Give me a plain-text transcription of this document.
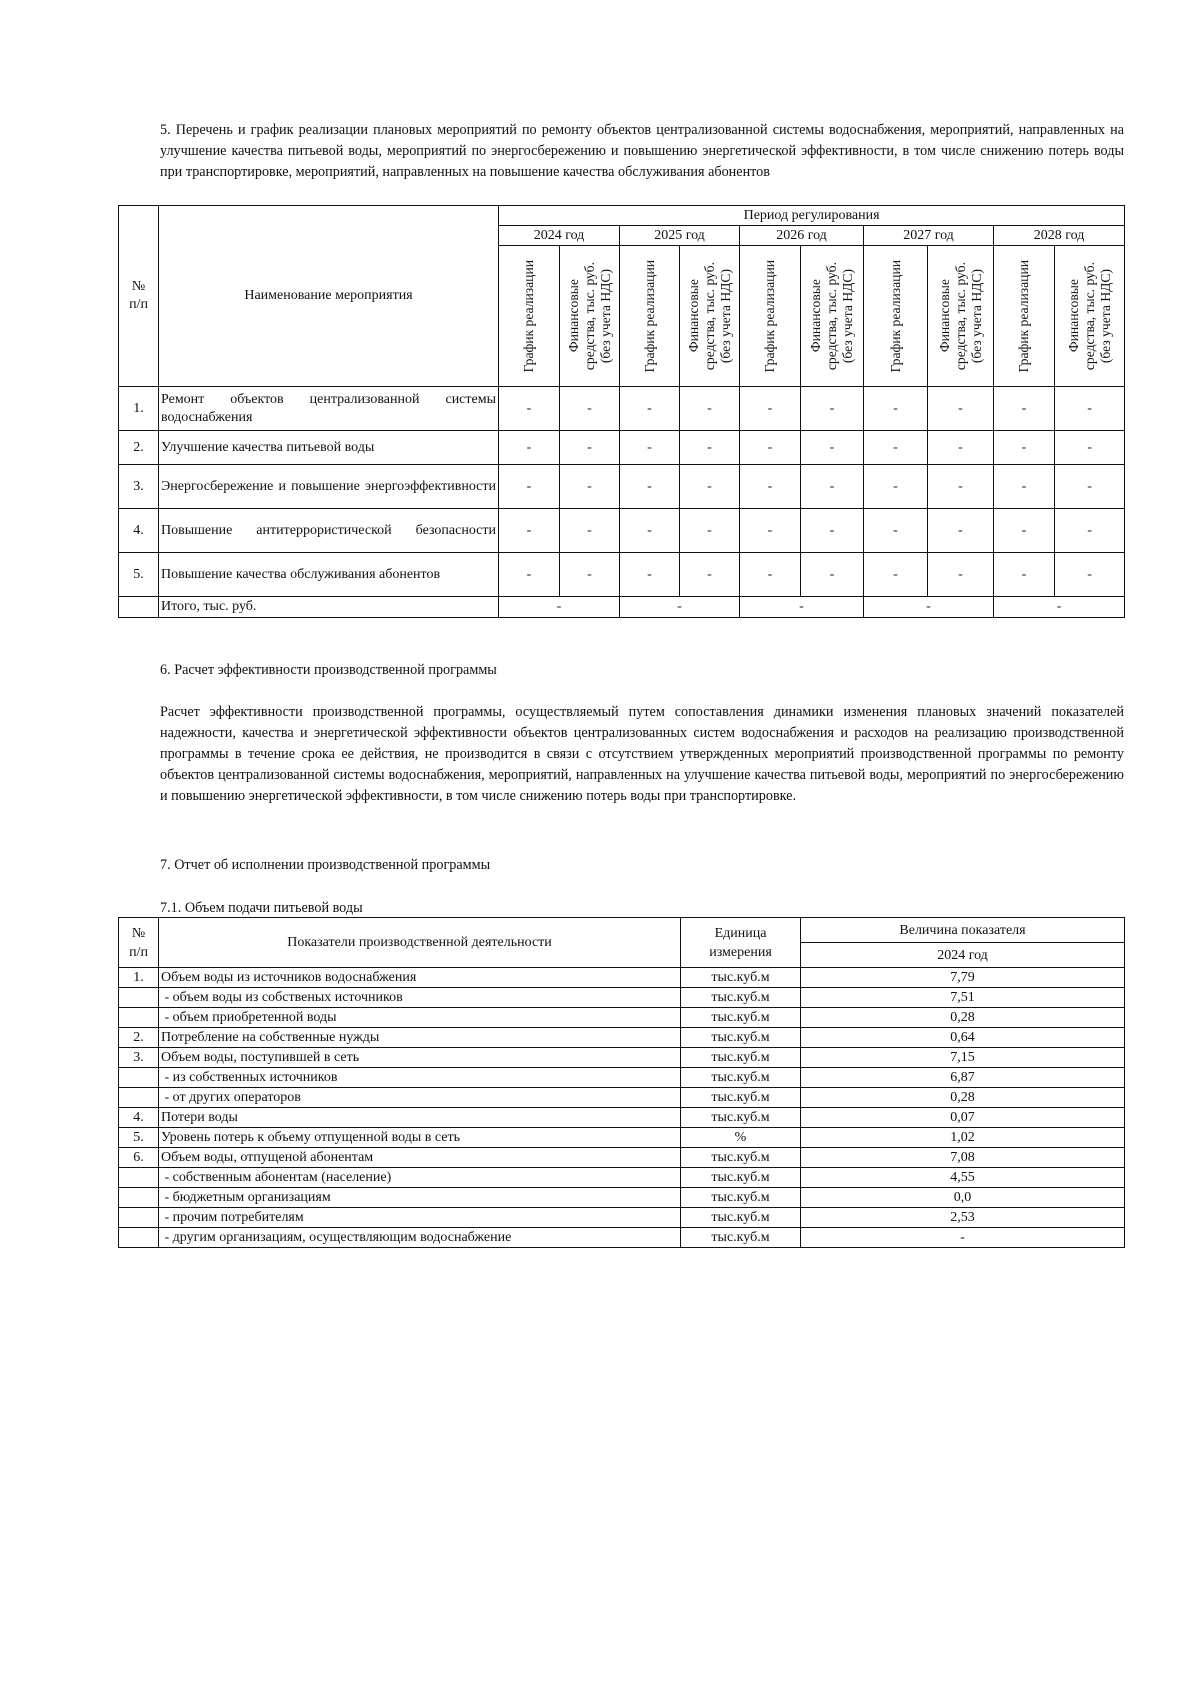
5. Перечень и график реализации плановых мероприятий по ремонту объектов централизованной системы водоснабжения, мероприятий, направленных на улучшение качества питьевой воды, мероприятий по энергосбережению и повышению энергетической эффективности, в том числе снижению потерь воды при транспортировке, мероприятий, направленных на повышение качества обслуживания абонентов

№
п/п	Наименование мероприятия	Период регулирования									
		2024 год		2025 год		2026 год		2027 год		2028 год	

		График реализации	Финансовые
средства, тыс. руб.
(без учета НДС)	График реализации	Финансовые
средства, тыс. руб.
(без учета НДС)	График реализации	Финансовые
средства, тыс. руб.
(без учета НДС)	График реализации	Финансовые
средства, тыс. руб.
(без учета НДС)	График реализации	Финансовые
средства, тыс. руб.
(без учета НДС)

1.	Ремонт объектов централизованной системы водоснабжения	-	-	-	-	-	-	-	-	-	-
2.	Улучшение качества питьевой воды	-	-	-	-	-	-	-	-	-	-
3.	Энергосбережение и повышение энергоэффективности	-	-	-	-	-	-	-	-	-	-
4.	Повышение антитеррористической безопасности	-	-	-	-	-	-	-	-	-	-
5.	Повышение качества обслуживания абонентов	-	-	-	-	-	-	-	-	-	-
	Итого, тыс. руб.	-		-		-		-		-	

6. Расчет эффективности производственной программы

Расчет эффективности производственной программы, осуществляемый путем сопоставления динамики изменения плановых значений показателей надежности, качества и энергетической эффективности объектов централизованных систем водоснабжения и расходов на реализацию производственной программы в течение срока ее действия, не производится в связи с отсутствием утвержденных мероприятий производственной программы по ремонту объектов централизованной системы водоснабжения, мероприятий, направленных на улучшение качества питьевой воды, мероприятий по энергосбережению и повышению энергетической эффективности, в том числе снижению потерь воды при транспортировке.

7. Отчет об исполнении производственной программы

7.1. Объем подачи питьевой воды

№
п/п	Показатели производственной деятельности	Единица
измерения	Величина показателя
			2024 год
1.	Объем воды из источников водоснабжения	тыс.куб.м	7,79
	- объем воды из собственых источников	тыс.куб.м	7,51
	- объем приобретенной воды	тыс.куб.м	0,28
2.	Потребление на собственные нужды	тыс.куб.м	0,64
3.	Объем воды, поступившей в сеть	тыс.куб.м	7,15
	- из собственных источников	тыс.куб.м	6,87
	- от других операторов	тыс.куб.м	0,28
4.	Потери воды	тыс.куб.м	0,07
5.	Уровень потерь к объему отпущенной воды в сеть	%	1,02
6.	Объем воды, отпущеной абонентам	тыс.куб.м	7,08
	- собственным абонентам (население)	тыс.куб.м	4,55
	- бюджетным организациям	тыс.куб.м	0,0
	- прочим потребителям	тыс.куб.м	2,53
	- другим организациям, осуществляющим водоснабжение	тыс.куб.м	-
